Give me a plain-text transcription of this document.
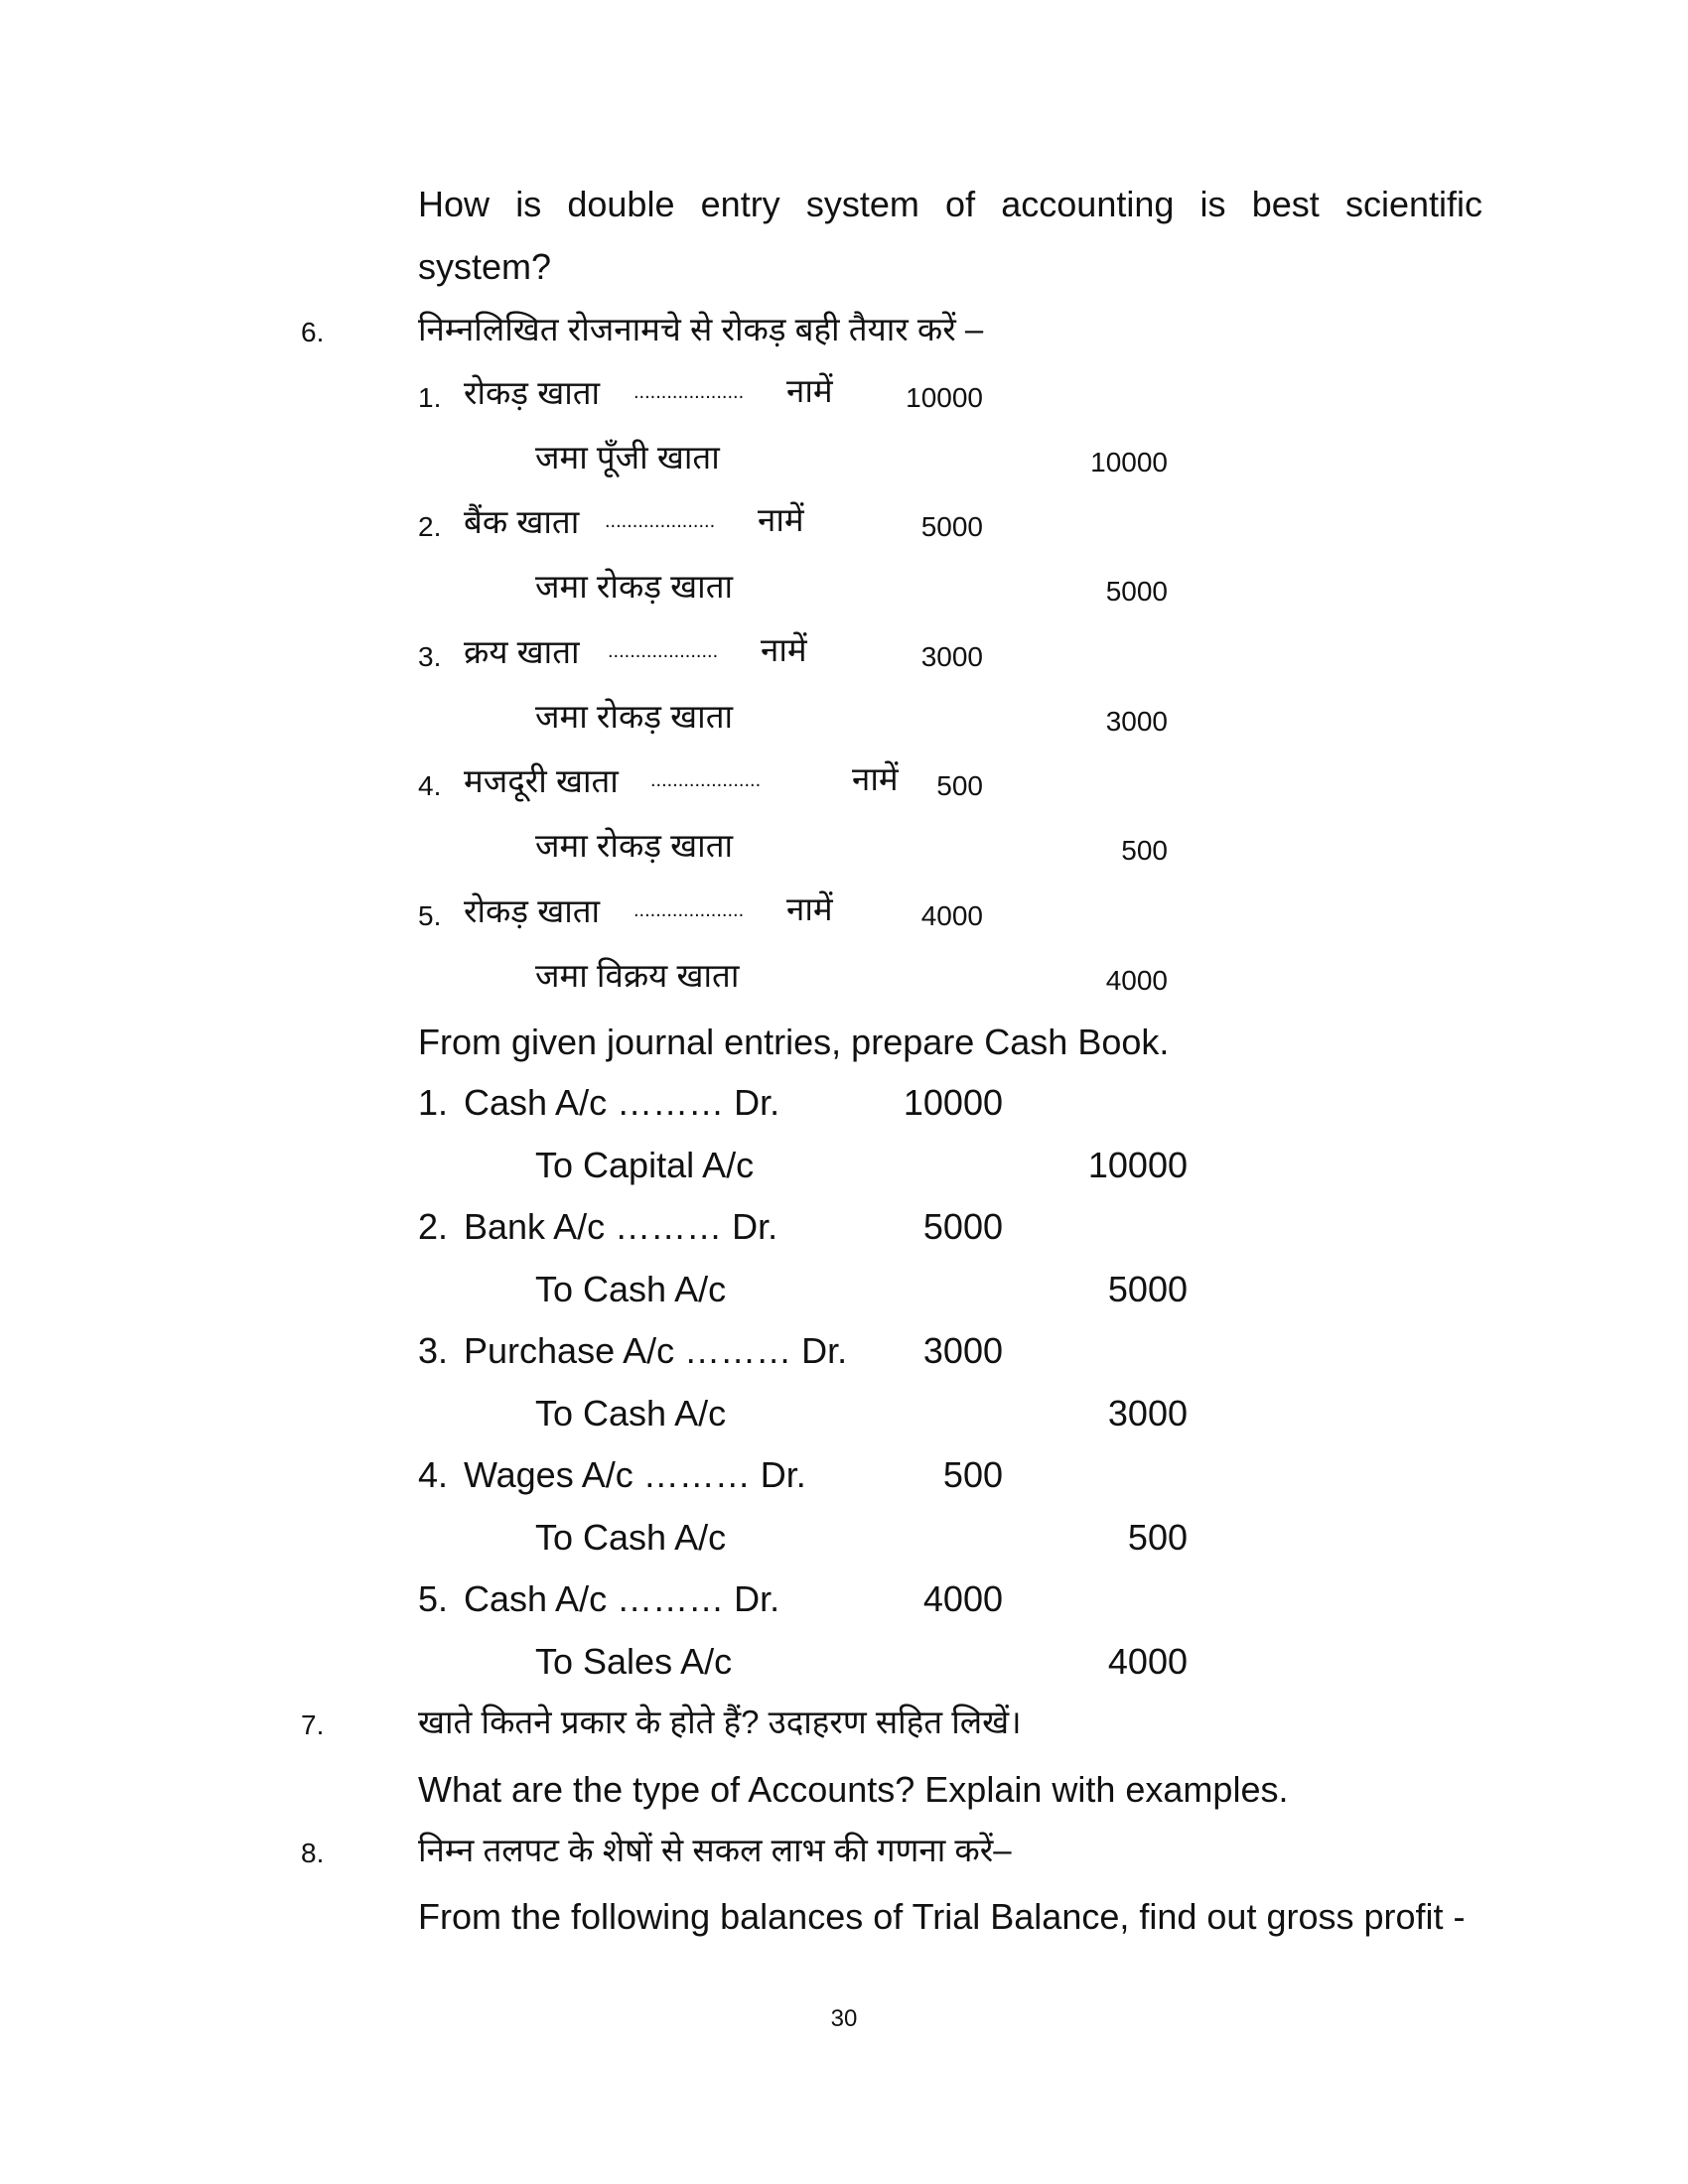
How is double entry system of accounting is best scientific
system?
6.	निम्नलिखित रोजनामचे से रोकड़ बही तैयार करें –
1. रोकड़ खाता .................... नामें	10000
जमा पूँजी खाता	10000
2. बैंक खाता .................... नामें	5000
जमा रोकड़ खाता	5000
3. क्रय खाता .................... नामें	3000
जमा रोकड़ खाता	3000
4. मजदूरी खाता ....................	नामें	500
जमा रोकड़ खाता	500
5. रोकड़ खाता .................... नामें	4000
जमा विक्रय खाता	4000
From given journal entries, prepare Cash Book.
1. Cash A/c ……… Dr.	10000
To Capital A/c	10000
2. Bank A/c ……… Dr.	5000
To Cash A/c	5000
3. Purchase A/c ……… Dr.	3000
To Cash A/c	3000
4. Wages A/c ……… Dr.	500
To Cash A/c	500
5. Cash A/c ……… Dr.	4000
To Sales A/c	4000
7.	खाते कितने प्रकार के होते हैं? उदाहरण सहित लिखें।
What are the type of Accounts? Explain with examples.
8.	निम्न तलपट के शेषों से सकल लाभ की गणना करें–
From the following balances of Trial Balance, find out gross profit -
30
